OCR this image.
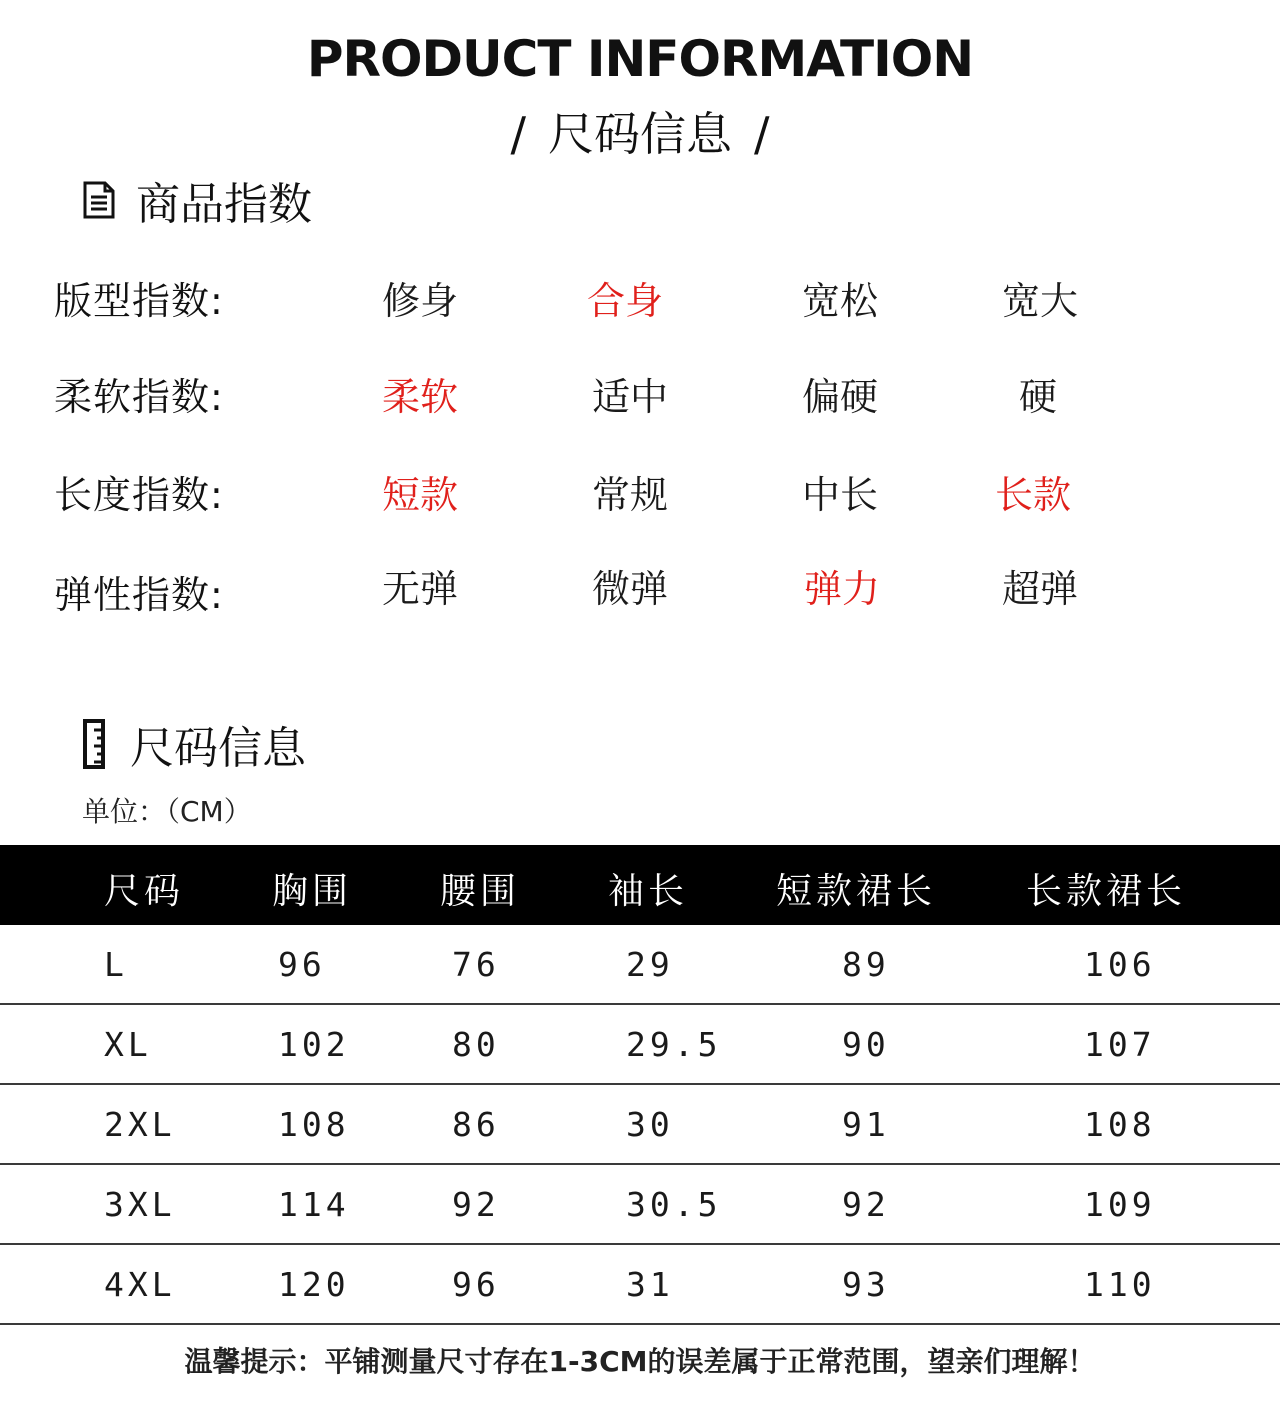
PRODUCT INFORMATION
/ 尺码信息 /
商品指数
版型指数:	修身	合身	宽松	宽大
柔软指数:	柔软	适中	偏硬	硬
长度指数:	短款	常规	中长	长款
弹性指数:	无弹	微弹	弹力	超弹
尺码信息
单位：（CM）
尺码 胸围 腰围 袖长 短款裙长 长款裙长
L	96	76	29	89	106
XL	102	80	29.5	90	107
2XL	108	86	30	91	108
3XL	114	92	30.5	92	109
4XL	120	96	31	93	110
温馨提示：平铺测量尺寸存在1-3CM的误差属于正常范围，望亲们理解！
